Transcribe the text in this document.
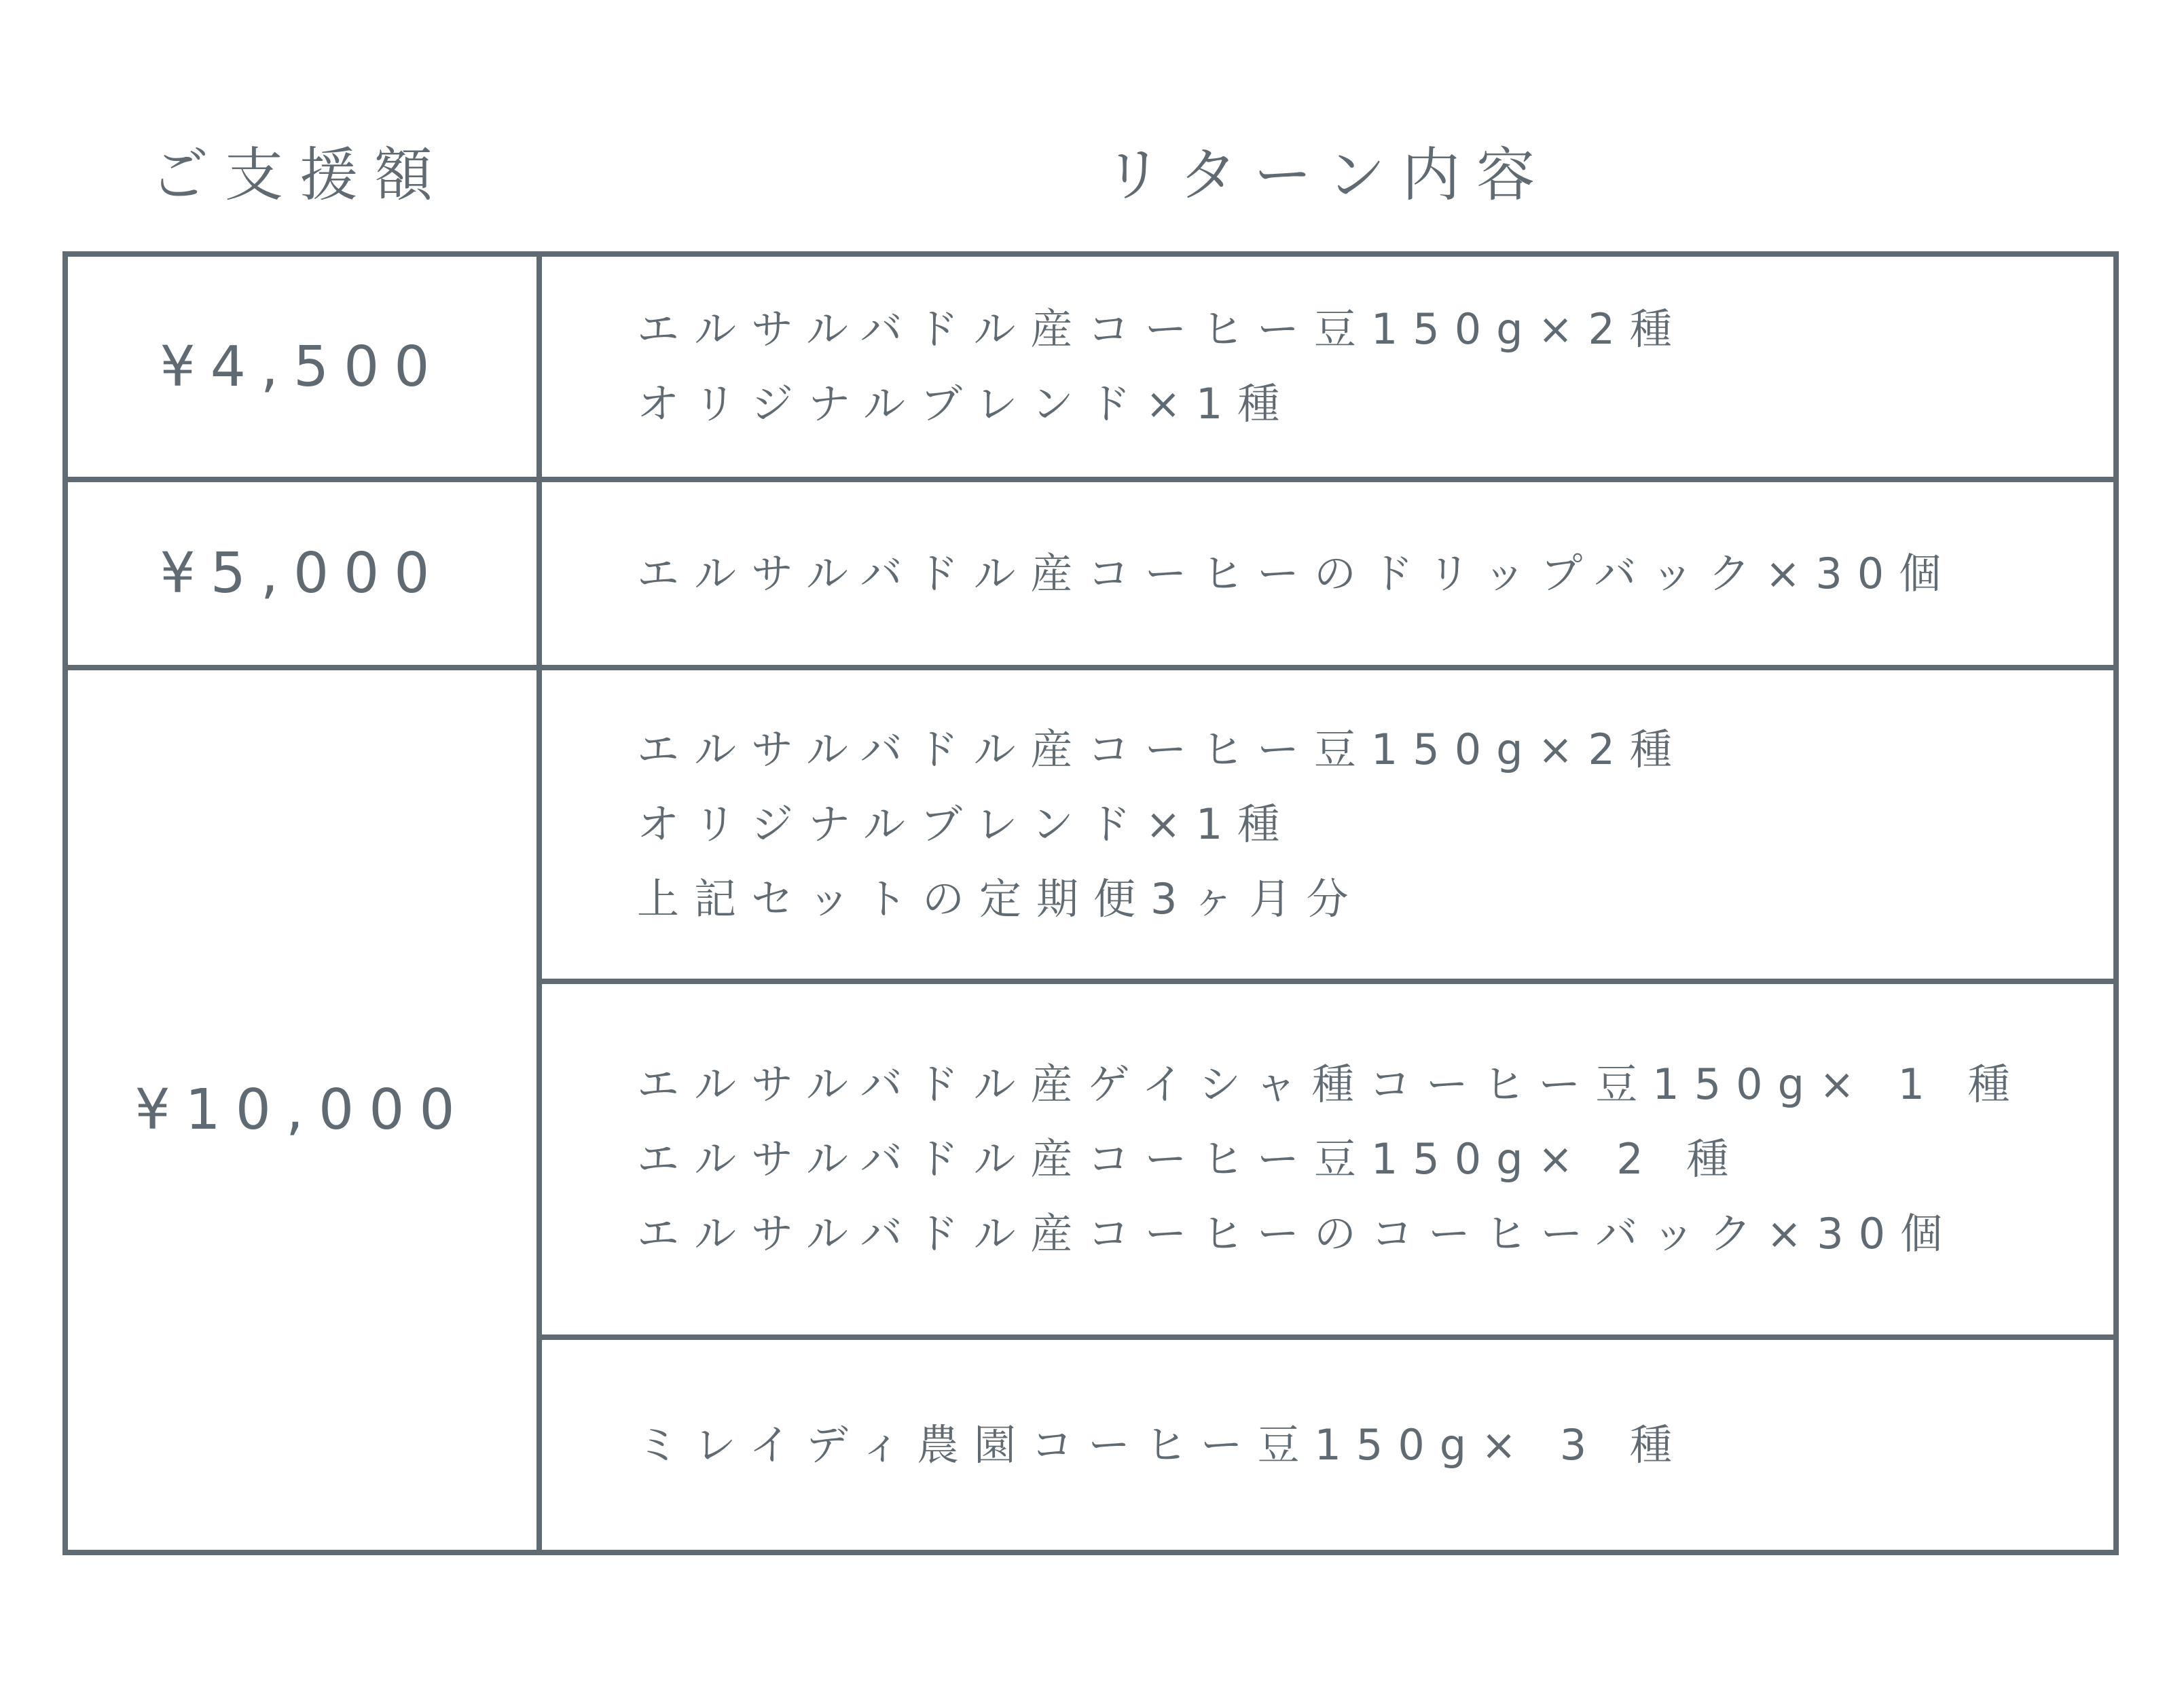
ご支援額	リターン内容
¥4,500
エルサルバドル産コーヒー豆150g×2種
オリジナルブレンド×1種
¥5,000	エルサルバドル産コーヒーのドリップバック×30個
¥10,000
エルサルバドル産コーヒー豆150g×2種
オリジナルブレンド×1種
上記セットの定期便3ヶ月分
エルサルバドル産ゲイシャ種コーヒー豆150g× 1 種
エルサルバドル産コーヒー豆150g× 2 種
エルサルバドル産コーヒーのコーヒーバック×30個
ミレイディ農園コーヒー豆150g× 3 種
